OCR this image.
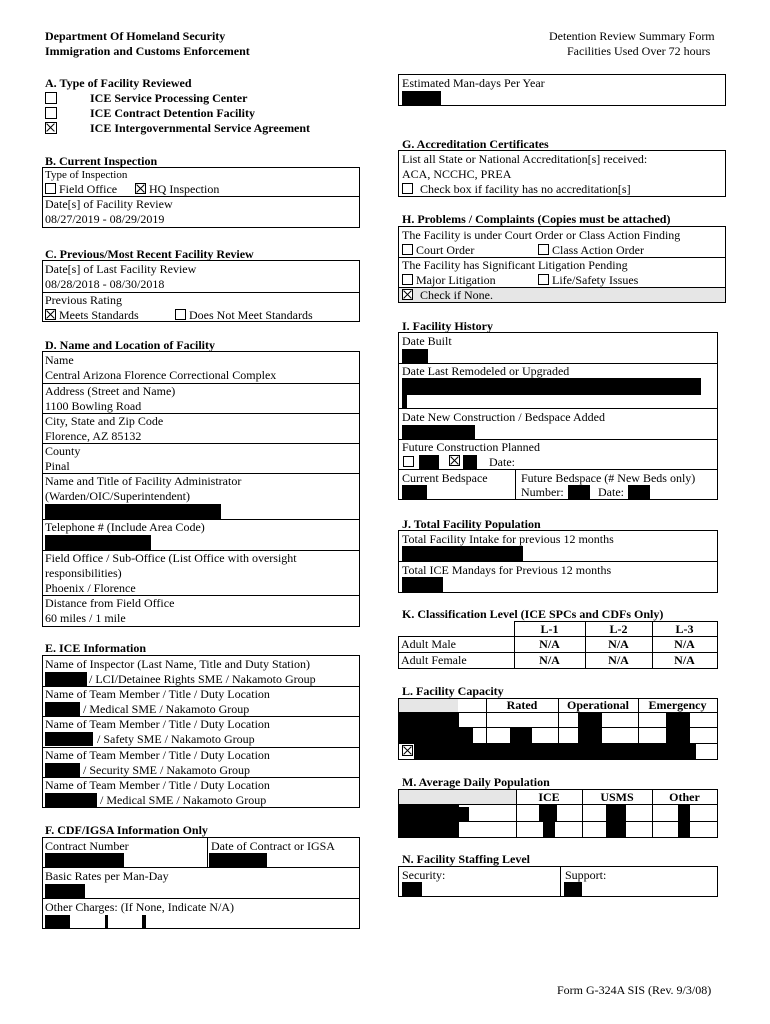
Department Of Homeland Security
Immigration and Customs Enforcement
Detention Review Summary Form
Facilities Used Over 72 hours
A. Type of Facility Reviewed
ICE Service Processing Center
ICE Contract Detention Facility
ICE Intergovernmental Service Agreement
B. Current Inspection
Type of Inspection
Field Office	HQ Inspection
Date[s] of Facility Review
08/27/2019 - 08/29/2019
C. Previous/Most Recent Facility Review
Date[s] of Last Facility Review
08/28/2018 - 08/30/2018
Previous Rating
Meets Standards	Does Not Meet Standards
D. Name and Location of Facility
Name
Central Arizona Florence Correctional Complex
Address (Street and Name)
1100 Bowling Road
City, State and Zip Code
Florence, AZ 85132
County
Pinal
Name and Title of Facility Administrator
(Warden/OIC/Superintendent)
Telephone # (Include Area Code)
Field Office / Sub-Office (List Office with oversight
responsibilities)
Phoenix / Florence
Distance from Field Office
60 miles / 1 mile
E. ICE Information
Name of Inspector (Last Name, Title and Duty Station)
/ LCI/Detainee Rights SME / Nakamoto Group
Name of Team Member / Title / Duty Location
/ Medical SME / Nakamoto Group
Name of Team Member / Title / Duty Location
/ Safety SME / Nakamoto Group
Name of Team Member / Title / Duty Location
/ Security SME / Nakamoto Group
Name of Team Member / Title / Duty Location
/ Medical SME / Nakamoto Group
F. CDF/IGSA Information Only
Contract Number	Date of Contract or IGSA
Basic Rates per Man-Day
Other Charges: (If None, Indicate N/A)
Estimated Man-days Per Year
G. Accreditation Certificates
List all State or National Accreditation[s] received:
ACA, NCCHC, PREA
Check box if facility has no accreditation[s]
H. Problems / Complaints (Copies must be attached)
The Facility is under Court Order or Class Action Finding
Court Order	Class Action Order
The Facility has Significant Litigation Pending
Major Litigation	Life/Safety Issues
Check if None.
I. Facility History
Date Built
Date Last Remodeled or Upgraded
Date New Construction / Bedspace Added
Future Construction Planned
Date:
Current Bedspace	Future Bedspace (# New Beds only)
Number:	Date:
J. Total Facility Population
Total Facility Intake for previous 12 months
Total ICE Mandays for Previous 12 months
K. Classification Level (ICE SPCs and CDFs Only)
L-1	L-2	L-3
Adult Male	N/A	N/A	N/A
Adult Female	N/A	N/A	N/A
L. Facility Capacity
Rated	Operational	Emergency
M. Average Daily Population
ICE	USMS	Other
N. Facility Staffing Level
Security:	Support:
Form G-324A SIS (Rev. 9/3/08)
